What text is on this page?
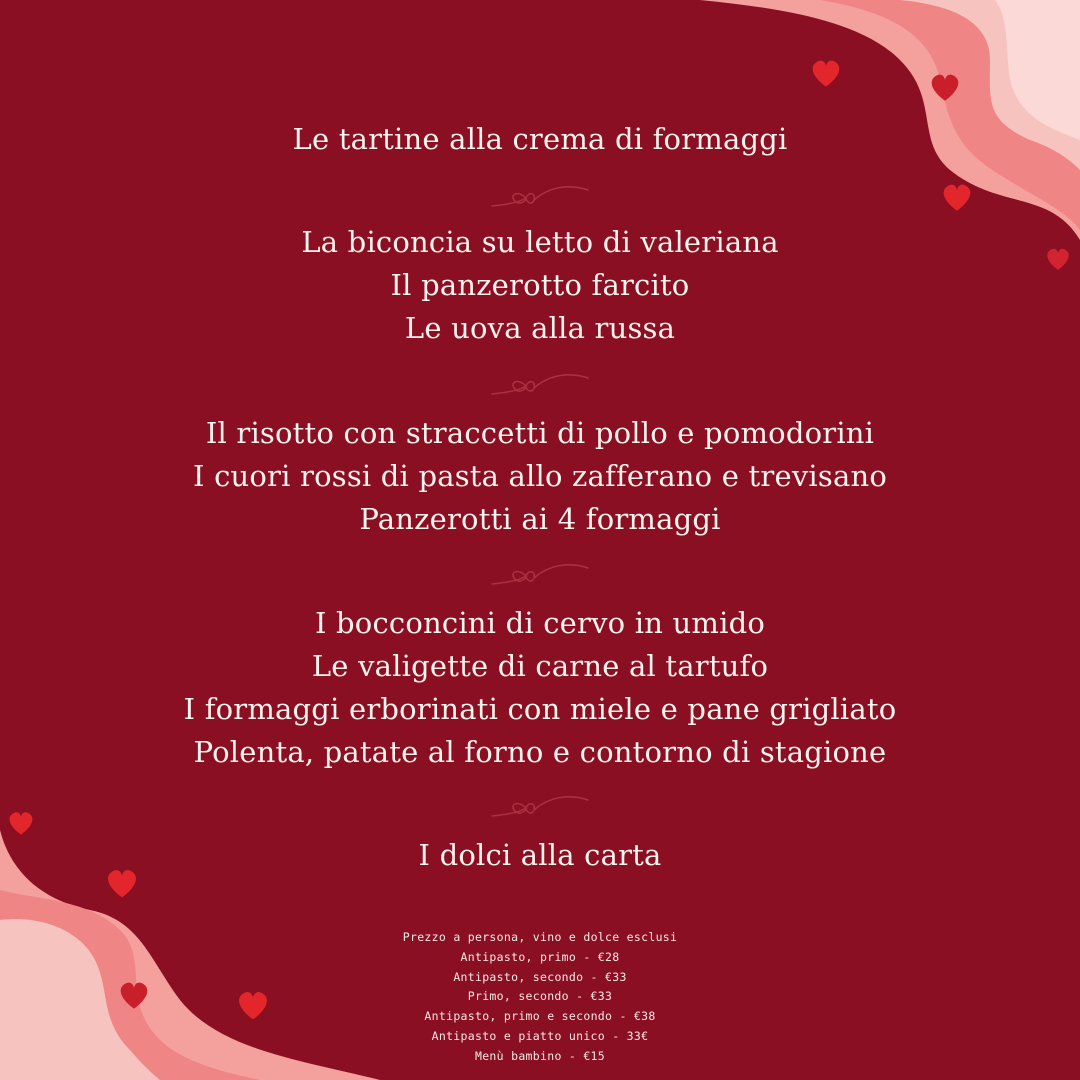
Le tartine alla crema di formaggi
La biconcia su letto di valeriana
Il panzerotto farcito
Le uova alla russa
Il risotto con straccetti di pollo e pomodorini
I cuori rossi di pasta allo zafferano e trevisano
Panzerotti ai 4 formaggi
I bocconcini di cervo in umido
Le valigette di carne al tartufo
I formaggi erborinati con miele e pane grigliato
Polenta, patate al forno e contorno di stagione
I dolci alla carta
Prezzo a persona, vino e dolce esclusi
Antipasto, primo - €28
Antipasto, secondo - €33
Primo, secondo - €33
Antipasto, primo e secondo - €38
Antipasto e piatto unico - 33€
Menù bambino - €15
